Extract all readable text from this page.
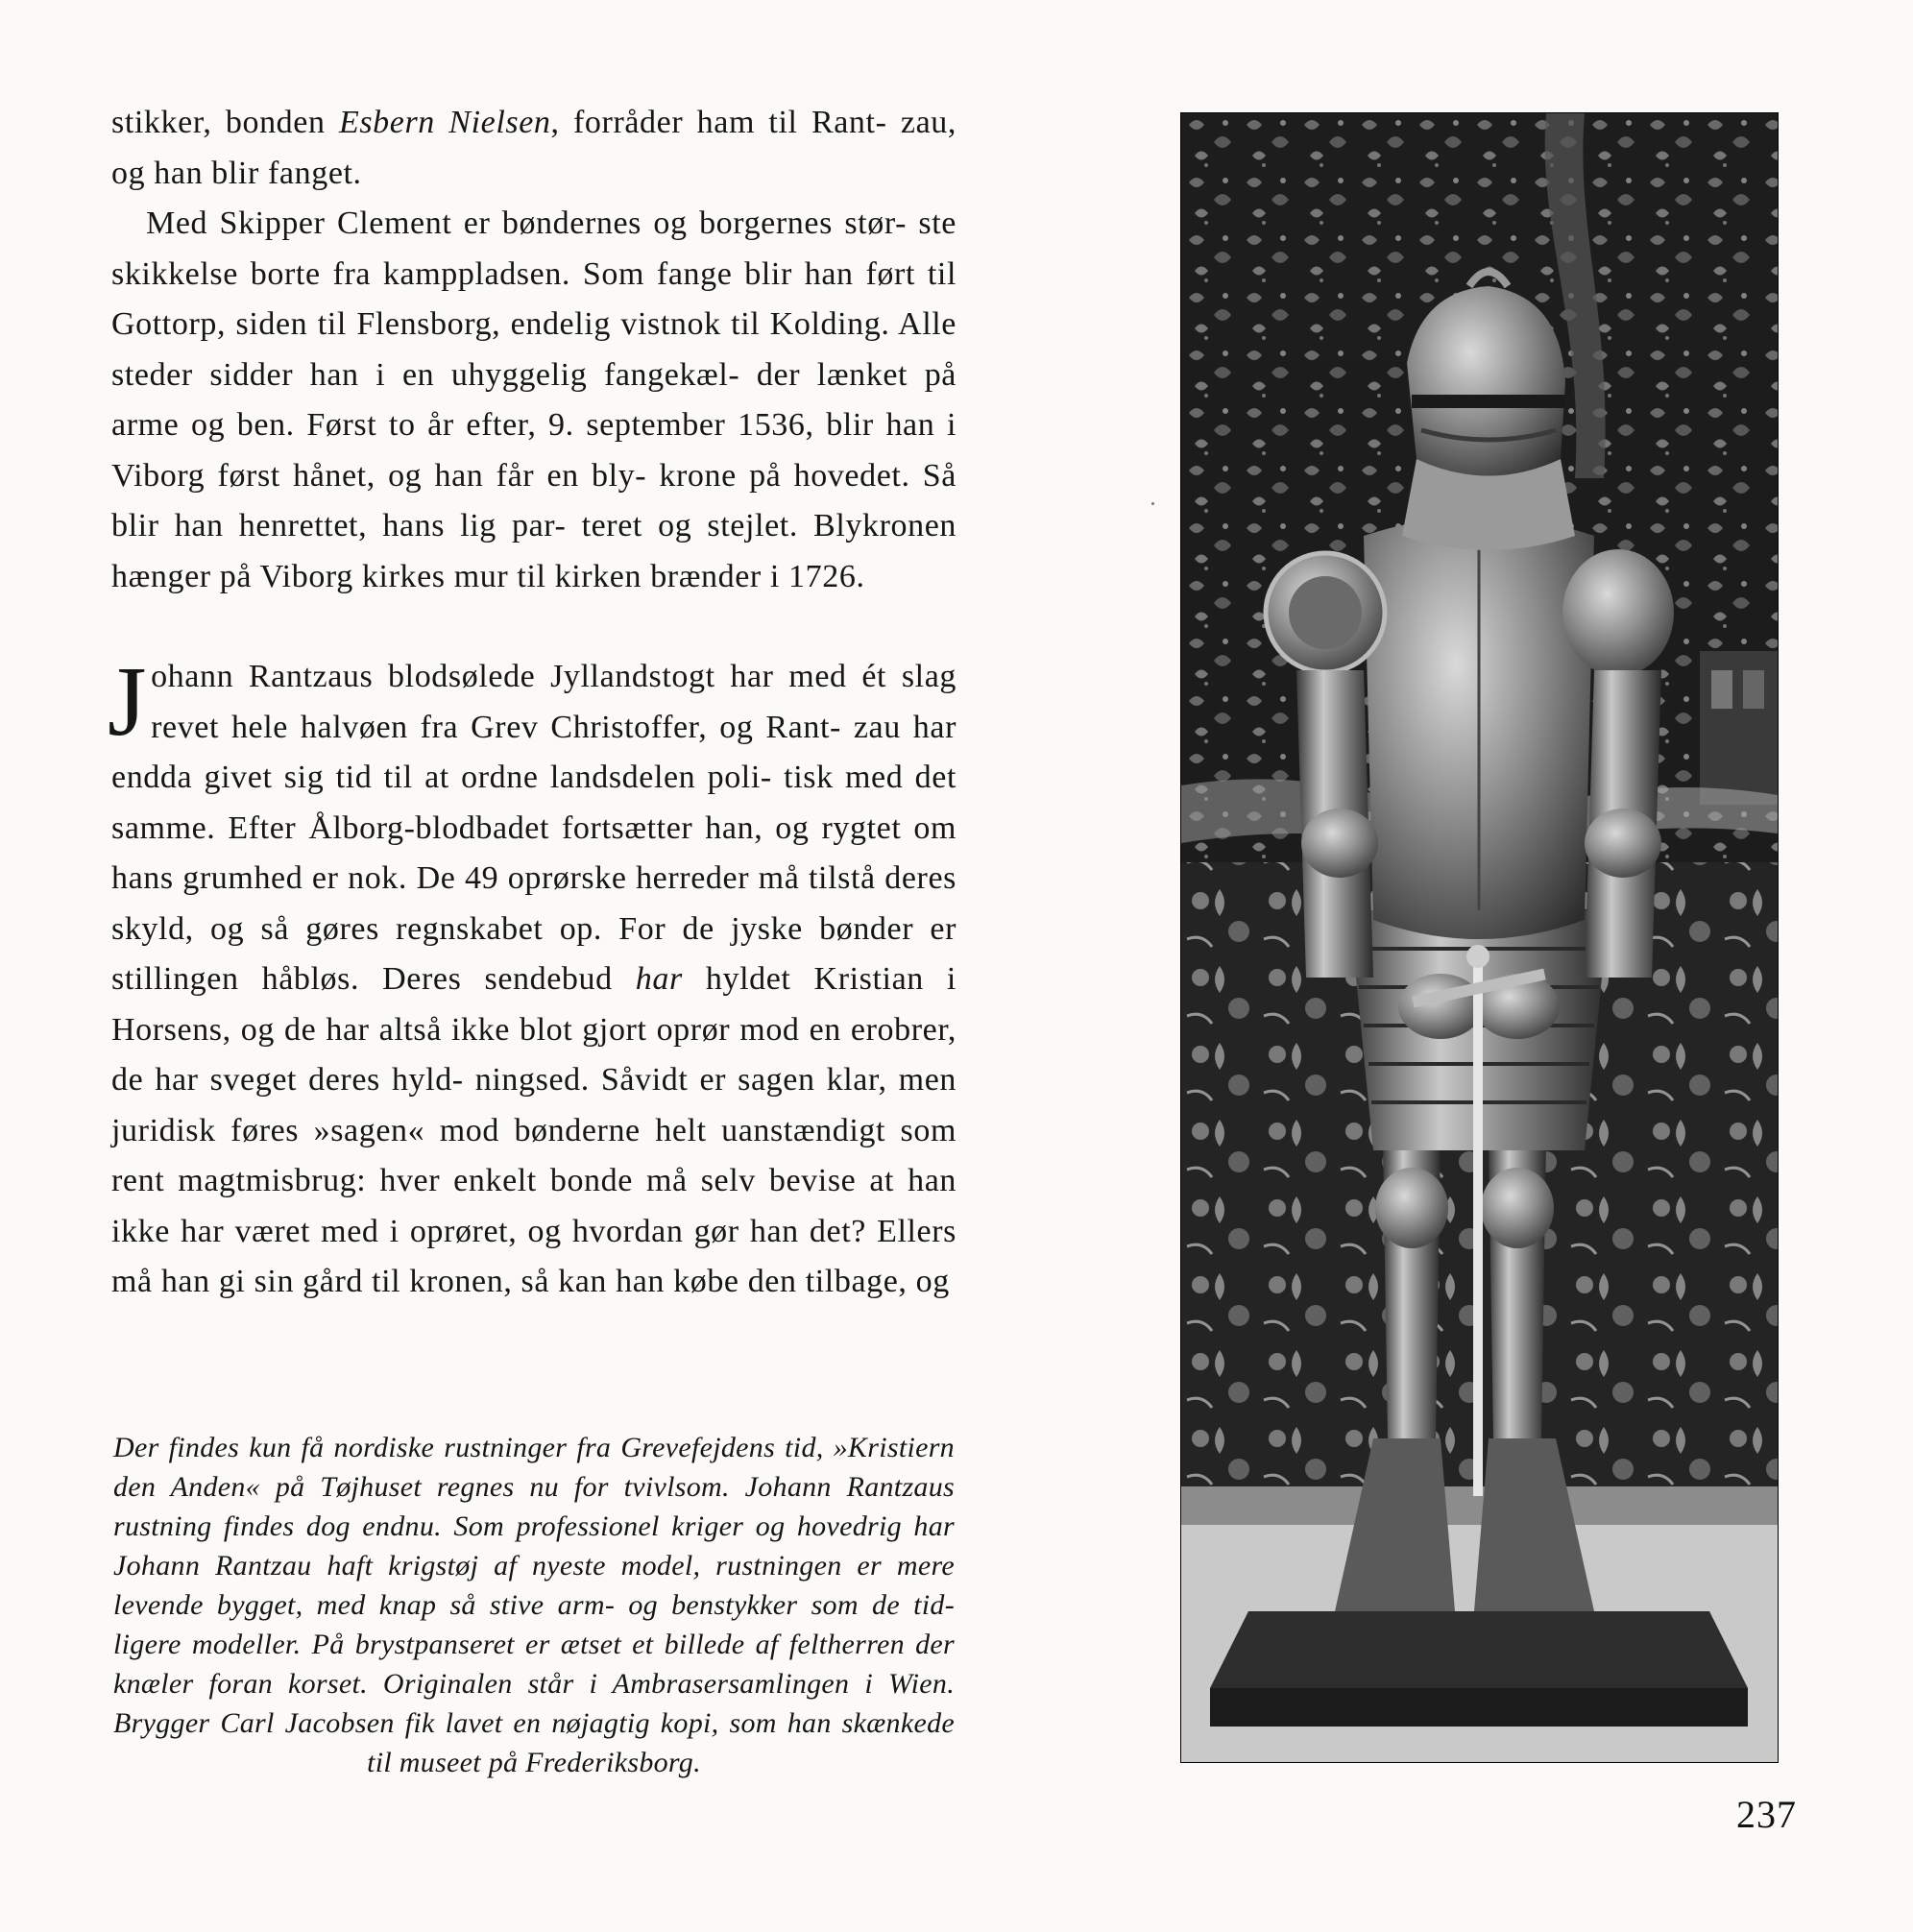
stikker, bonden Esbern Nielsen, forråder ham til Rant- zau, og han blir fanget.

Med Skipper Clement er bøndernes og borgernes stør- ste skikkelse borte fra kamppladsen. Som fange blir han ført til Gottorp, siden til Flensborg, endelig vistnok til Kolding. Alle steder sidder han i en uhyggelig fangekæl- der lænket på arme og ben. Først to år efter, 9. september 1536, blir han i Viborg først hånet, og han får en bly- krone på hovedet. Så blir han henrettet, hans lig par- teret og stejlet. Blykronen hænger på Viborg kirkes mur til kirken brænder i 1726.

Johann Rantzaus blodsølede Jyllandstogt har med ét slag revet hele halvøen fra Grev Christoffer, og Rant- zau har endda givet sig tid til at ordne landsdelen poli- tisk med det samme. Efter Ålborg-blodbadet fortsætter han, og rygtet om hans grumhed er nok. De 49 oprørske herreder må tilstå deres skyld, og så gøres regnskabet op. For de jyske bønder er stillingen håbløs. Deres sendebud har hyldet Kristian i Horsens, og de har altså ikke blot gjort oprør mod en erobrer, de har sveget deres hyld- ningsed. Såvidt er sagen klar, men juridisk føres »sagen« mod bønderne helt uanstændigt som rent magtmisbrug: hver enkelt bonde må selv bevise at han ikke har været med i oprøret, og hvordan gør han det? Ellers må han gi sin gård til kronen, så kan han købe den tilbage, og

Der findes kun få nordiske rustninger fra Grevefejdens tid, »Kristiern den Anden« på Tøjhuset regnes nu for tvivlsom. Johann Rantzaus rustning findes dog endnu. Som professionel kriger og hovedrig har Johann Rantzau haft krigstøj af nyeste model, rustningen er mere levende bygget, med knap så stive arm- og benstykker som de tid- ligere modeller. På brystpanseret er ætset et billede af feltherren der knæler foran korset. Originalen står i Ambrasersamlingen i Wien. Brygger Carl Jacobsen fik lavet en nøjagtig kopi, som han skænkede til museet på Frederiksborg.
237
